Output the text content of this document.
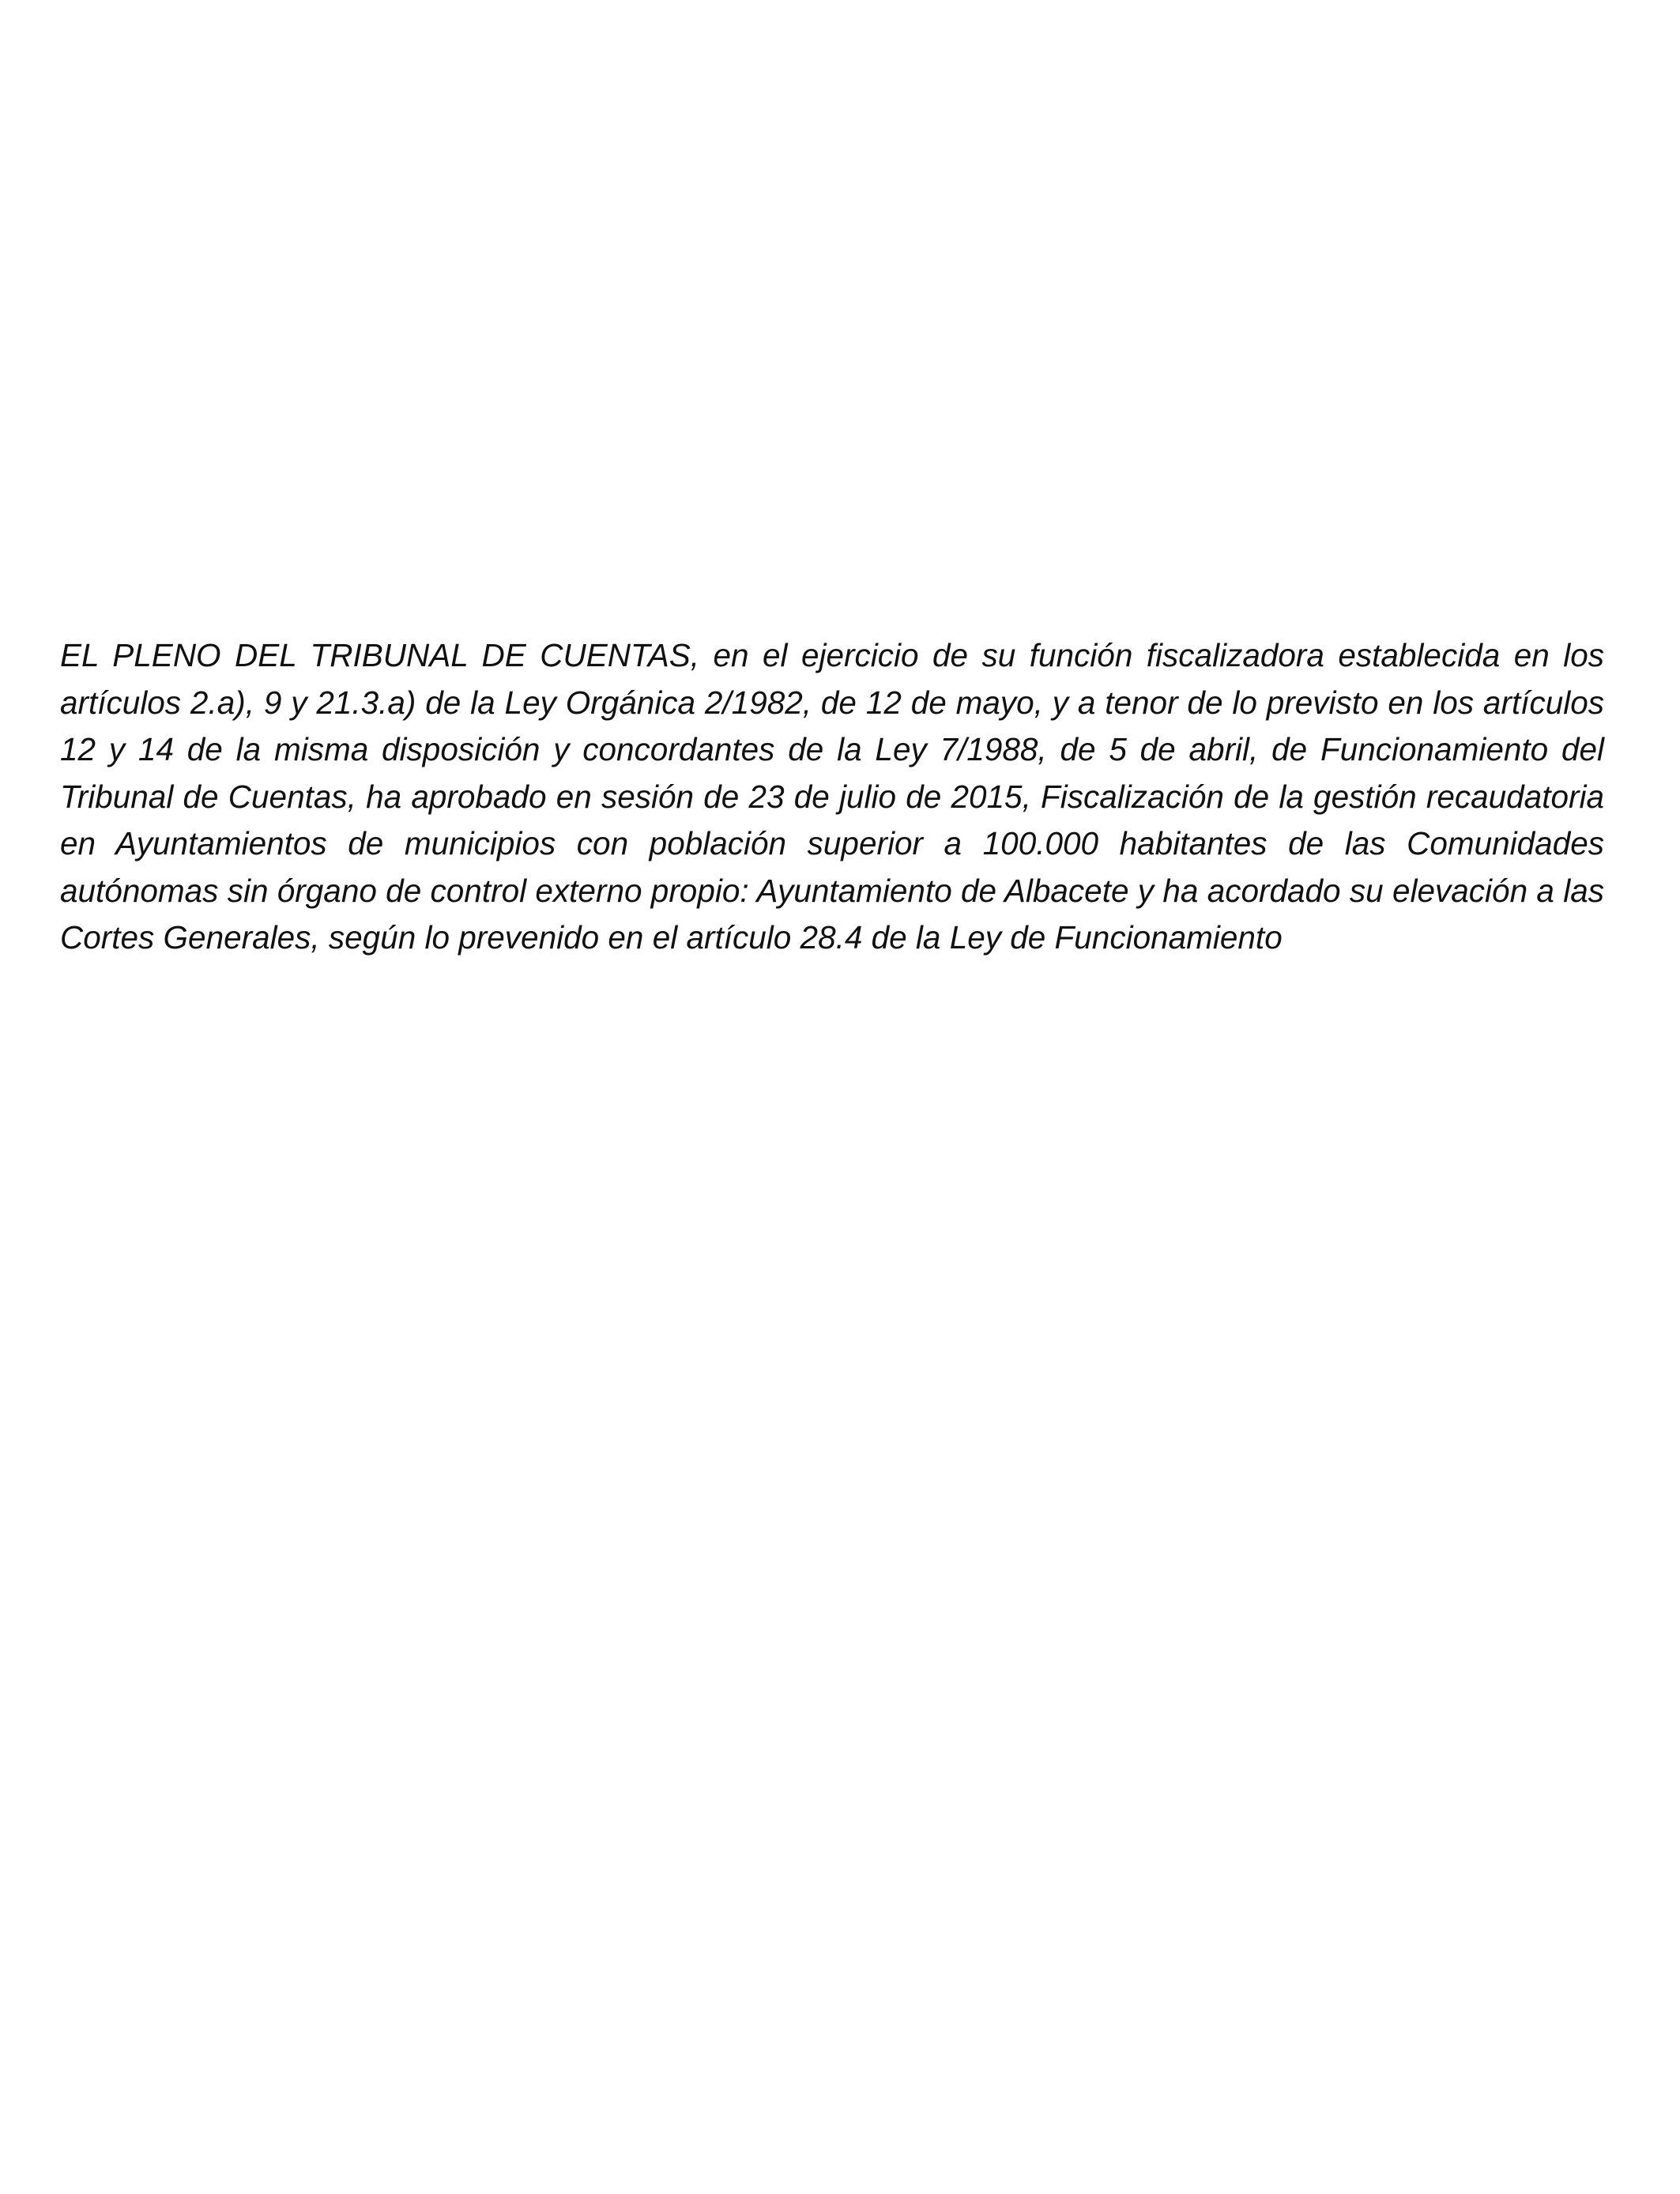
EL PLENO DEL TRIBUNAL DE CUENTAS, en el ejercicio de su función fiscalizadora establecida en los artículos 2.a), 9 y 21.3.a) de la Ley Orgánica 2/1982, de 12 de mayo, y a tenor de lo previsto en los artículos 12 y 14 de la misma disposición y concordantes de la Ley 7/1988, de 5 de abril, de Funcionamiento del Tribunal de Cuentas, ha aprobado en sesión de 23 de julio de 2015, Fiscalización de la gestión recaudatoria en Ayuntamientos de municipios con población superior a 100.000 habitantes de las Comunidades autónomas sin órgano de control externo propio: Ayuntamiento de Albacete y ha acordado su elevación a las Cortes Generales, según lo prevenido en el artículo 28.4 de la Ley de Funcionamiento
